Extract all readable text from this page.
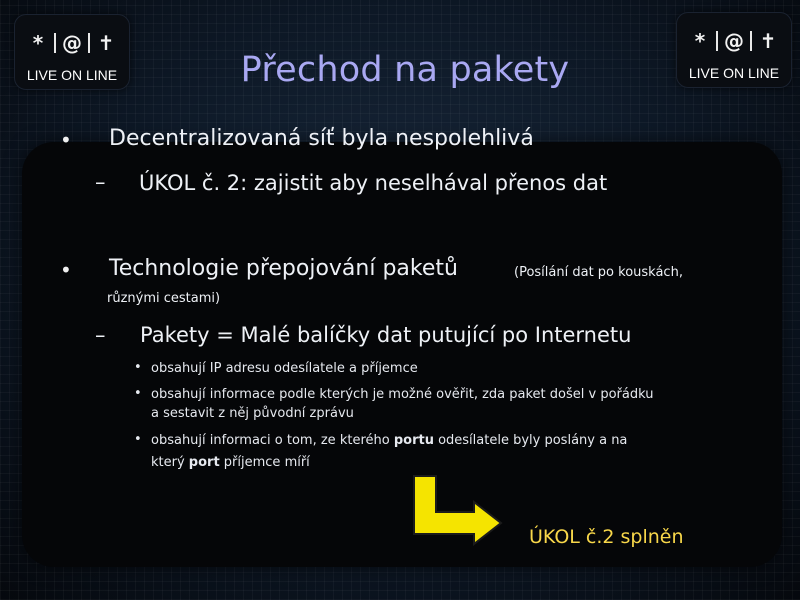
* @ ✝
LIVE ON LINE
* @ ✝
LIVE ON LINE
Přechod na pakety
• Decentralizovaná síť byla nespolehlivá
– ÚKOL č. 2: zajistit aby neselhával přenos dat
• Technologie přepojování paketů	(Posílání dat po kouskách,
různými cestami)
– Pakety = Malé balíčky dat putující po Internetu
• obsahují IP adresu odesílatele a příjemce
• obsahují informace podle kterých je možné ověřit, zda paket došel v pořádku
a sestavit z něj původní zprávu
• obsahují informaci o tom, ze kterého portu odesílatele byly poslány a na
který port příjemce míří
ÚKOL č.2 splněn
